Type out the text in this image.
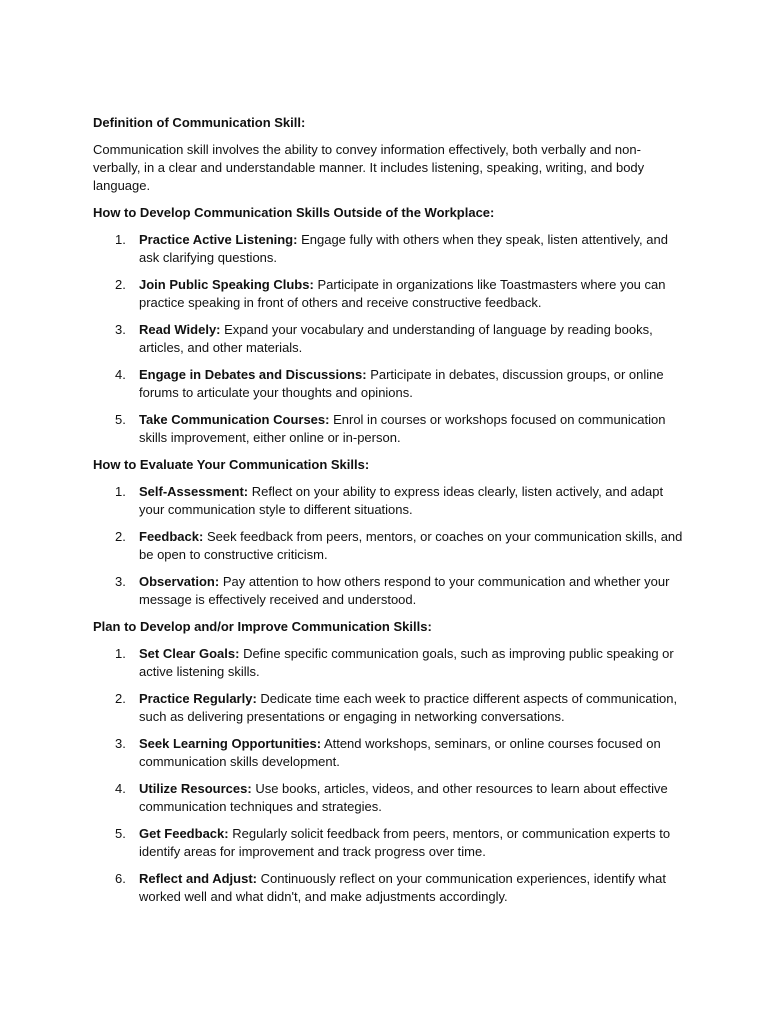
Definition of Communication Skill:

Communication skill involves the ability to convey information effectively, both verbally and non-verbally, in a clear and understandable manner. It includes listening, speaking, writing, and body language.

How to Develop Communication Skills Outside of the Workplace:

1. Practice Active Listening: Engage fully with others when they speak, listen attentively, and ask clarifying questions.
2. Join Public Speaking Clubs: Participate in organizations like Toastmasters where you can practice speaking in front of others and receive constructive feedback.
3. Read Widely: Expand your vocabulary and understanding of language by reading books, articles, and other materials.
4. Engage in Debates and Discussions: Participate in debates, discussion groups, or online forums to articulate your thoughts and opinions.
5. Take Communication Courses: Enrol in courses or workshops focused on communication skills improvement, either online or in-person.

How to Evaluate Your Communication Skills:

1. Self-Assessment: Reflect on your ability to express ideas clearly, listen actively, and adapt your communication style to different situations.
2. Feedback: Seek feedback from peers, mentors, or coaches on your communication skills, and be open to constructive criticism.
3. Observation: Pay attention to how others respond to your communication and whether your message is effectively received and understood.

Plan to Develop and/or Improve Communication Skills:

1. Set Clear Goals: Define specific communication goals, such as improving public speaking or active listening skills.
2. Practice Regularly: Dedicate time each week to practice different aspects of communication, such as delivering presentations or engaging in networking conversations.
3. Seek Learning Opportunities: Attend workshops, seminars, or online courses focused on communication skills development.
4. Utilize Resources: Use books, articles, videos, and other resources to learn about effective communication techniques and strategies.
5. Get Feedback: Regularly solicit feedback from peers, mentors, or communication experts to identify areas for improvement and track progress over time.
6. Reflect and Adjust: Continuously reflect on your communication experiences, identify what worked well and what didn't, and make adjustments accordingly.
